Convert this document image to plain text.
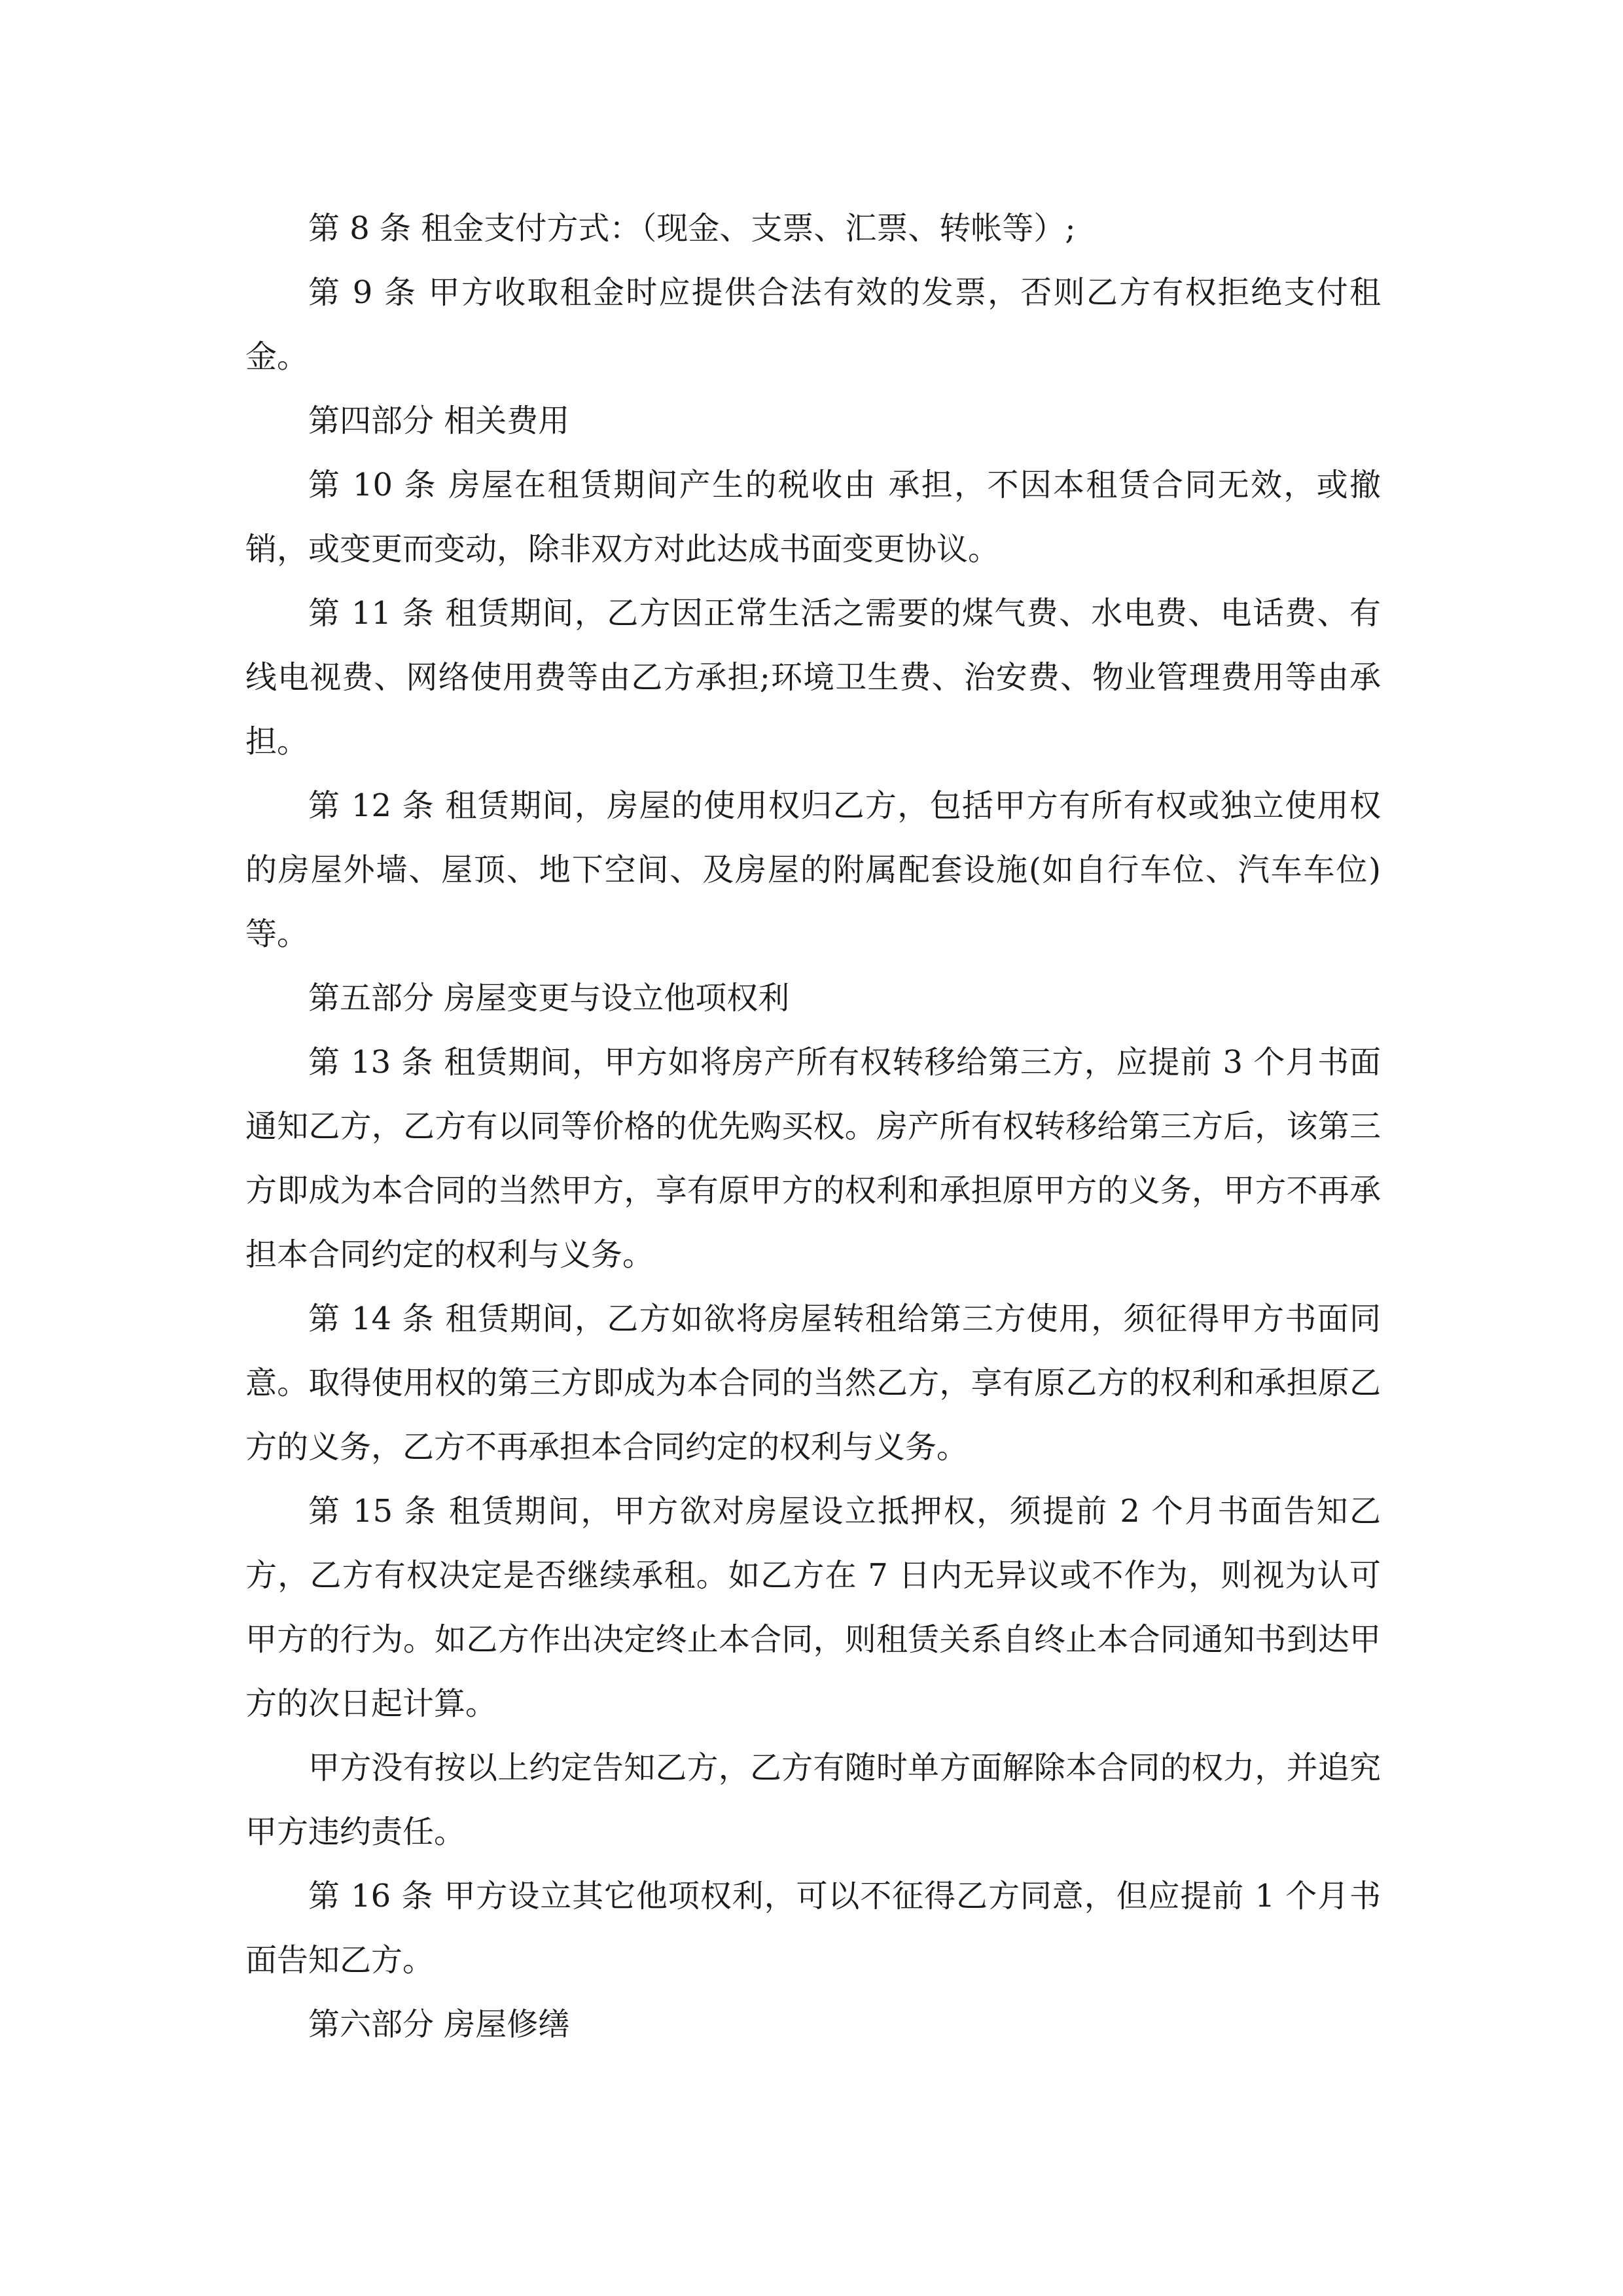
第 8 条 租金支付方式：（现金、支票、汇票、转帐等）;

第 9 条 甲方收取租金时应提供合法有效的发票，否则乙方有权拒绝支付租金。

第四部分 相关费用

第 10 条 房屋在租赁期间产生的税收由 承担，不因本租赁合同无效，或撤销，或变更而变动，除非双方对此达成书面变更协议。

第 11 条 租赁期间，乙方因正常生活之需要的煤气费、水电费、电话费、有线电视费、网络使用费等由乙方承担;环境卫生费、治安费、物业管理费用等由承担。

第 12 条 租赁期间，房屋的使用权归乙方，包括甲方有所有权或独立使用权的房屋外墙、屋顶、地下空间、及房屋的附属配套设施(如自行车位、汽车车位)等。

第五部分 房屋变更与设立他项权利

第 13 条 租赁期间，甲方如将房产所有权转移给第三方，应提前 3 个月书面通知乙方，乙方有以同等价格的优先购买权。房产所有权转移给第三方后，该第三方即成为本合同的当然甲方，享有原甲方的权利和承担原甲方的义务，甲方不再承担本合同约定的权利与义务。

第 14 条 租赁期间，乙方如欲将房屋转租给第三方使用，须征得甲方书面同意。取得使用权的第三方即成为本合同的当然乙方，享有原乙方的权利和承担原乙方的义务，乙方不再承担本合同约定的权利与义务。

第 15 条 租赁期间，甲方欲对房屋设立抵押权，须提前 2 个月书面告知乙方，乙方有权决定是否继续承租。如乙方在 7 日内无异议或不作为，则视为认可甲方的行为。如乙方作出决定终止本合同，则租赁关系自终止本合同通知书到达甲方的次日起计算。

甲方没有按以上约定告知乙方，乙方有随时单方面解除本合同的权力，并追究甲方违约责任。

第 16 条 甲方设立其它他项权利，可以不征得乙方同意，但应提前 1 个月书面告知乙方。

第六部分 房屋修缮
